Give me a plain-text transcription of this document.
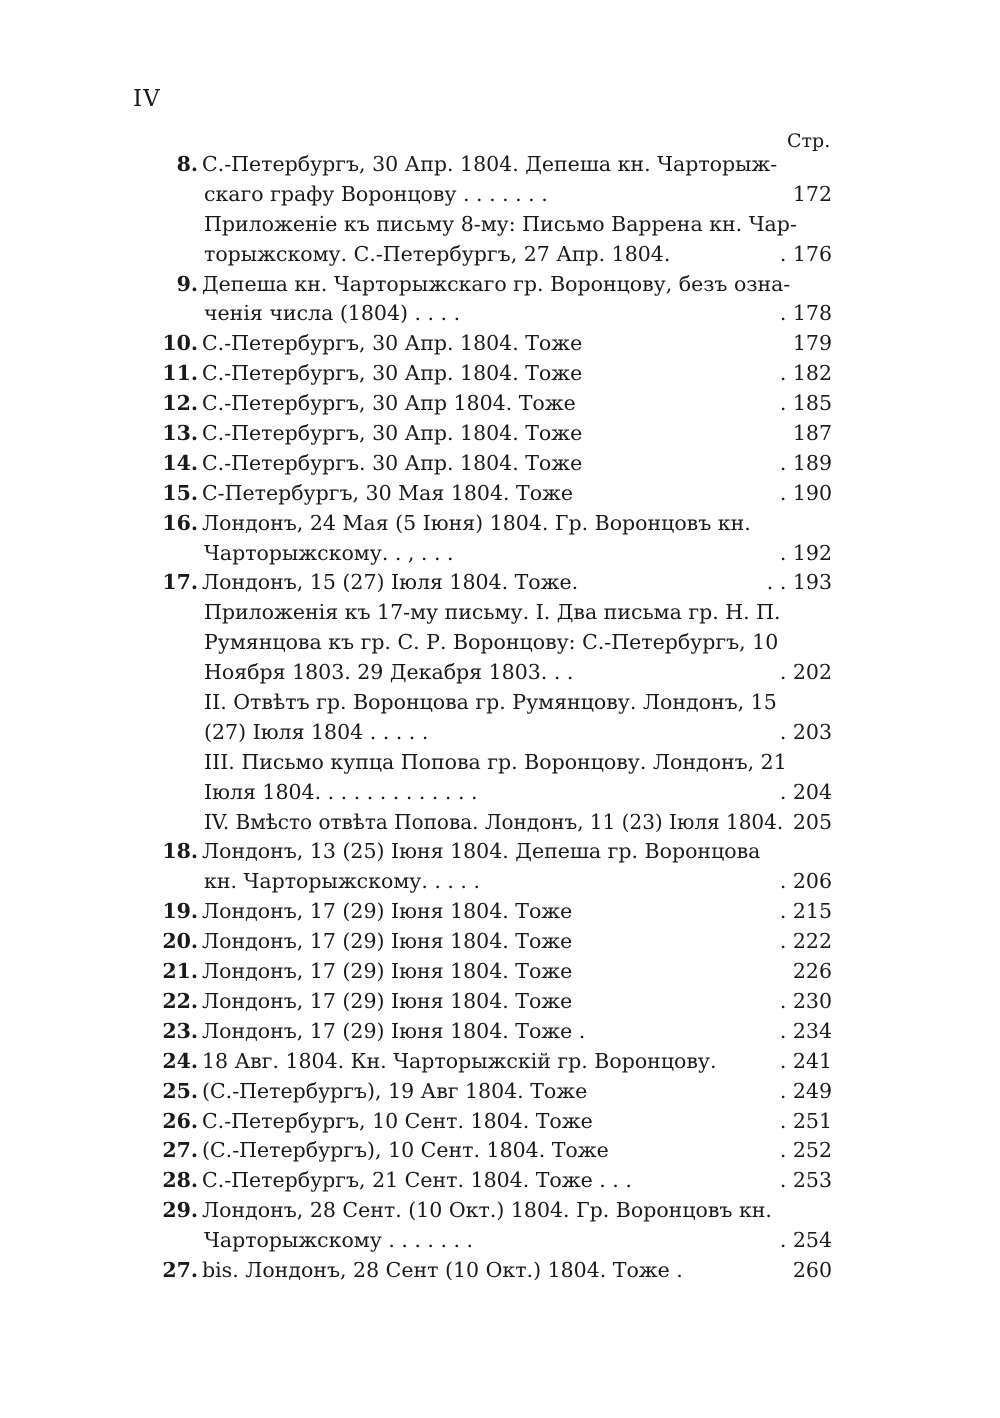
IV
Стр.
8. С.-Петербургъ, 30 Апр. 1804. Депеша кн. Чарторыж-
скаго графу Воронцову . . . . . . .	172
Приложеніе къ письму 8-му: Письмо Варрена кн. Чар-
торыжскому. С.-Петербургъ, 27 Апр. 1804.	. 176
9. Депеша кн. Чарторыжскаго гр. Воронцову, безъ озна-
ченія числа (1804) . . . .	. 178
10. С.-Петербургъ, 30 Апр. 1804. Тоже	179
11. С.-Петербургъ, 30 Апр. 1804. Тоже	. 182
12. С.-Петербургъ, 30 Апр 1804. Тоже	. 185
13. С.-Петербургъ, 30 Апр. 1804. Тоже	187
14. С.-Петербургъ. 30 Апр. 1804. Тоже	. 189
15. С-Петербургъ, 30 Мая 1804. Тоже	. 190
16. Лондонъ, 24 Мая (5 Іюня) 1804. Гр. Воронцовъ кн.
Чарторыжскому. . , . . .	. 192
17. Лондонъ, 15 (27) Іюля 1804. Тоже.	. . 193
Приложенія къ 17-му письму. I. Два письма гр. Н. П.
Румянцова къ гр. С. Р. Воронцову: С.-Петербургъ, 10
Ноября 1803. 29 Декабря 1803. . .	. 202
II. Отвѣтъ гр. Воронцова гр. Румянцову. Лондонъ, 15
(27) Іюля 1804 . . . . .	. 203
III. Письмо купца Попова гр. Воронцову. Лондонъ, 21
Іюля 1804. . . . . . . . . . . . .	. 204
IV. Вмѣсто отвѣта Попова. Лондонъ, 11 (23) Іюля 1804. 205
18. Лондонъ, 13 (25) Іюня 1804. Депеша гр. Воронцова
кн. Чарторыжскому. . . . .	. 206
19. Лондонъ, 17 (29) Іюня 1804. Тоже	. 215
20. Лондонъ, 17 (29) Іюня 1804. Тоже	. 222
21. Лондонъ, 17 (29) Іюня 1804. Тоже	226
22. Лондонъ, 17 (29) Іюня 1804. Тоже	. 230
23. Лондонъ, 17 (29) Іюня 1804. Тоже .	. 234
24. 18 Авг. 1804. Кн. Чарторыжскій гр. Воронцову.	. 241
25. (С.-Петербургъ), 19 Авг 1804. Тоже	. 249
26. С.-Петербургъ, 10 Сент. 1804. Тоже	. 251
27. (С.-Петербургъ), 10 Сент. 1804. Тоже	. 252
28. С.-Петербургъ, 21 Сент. 1804. Тоже . . .	. 253
29. Лондонъ, 28 Сент. (10 Окт.) 1804. Гр. Воронцовъ кн.
Чарторыжскому . . . . . . .	. 254
27. bis. Лондонъ, 28 Сент (10 Окт.) 1804. Тоже .	260
